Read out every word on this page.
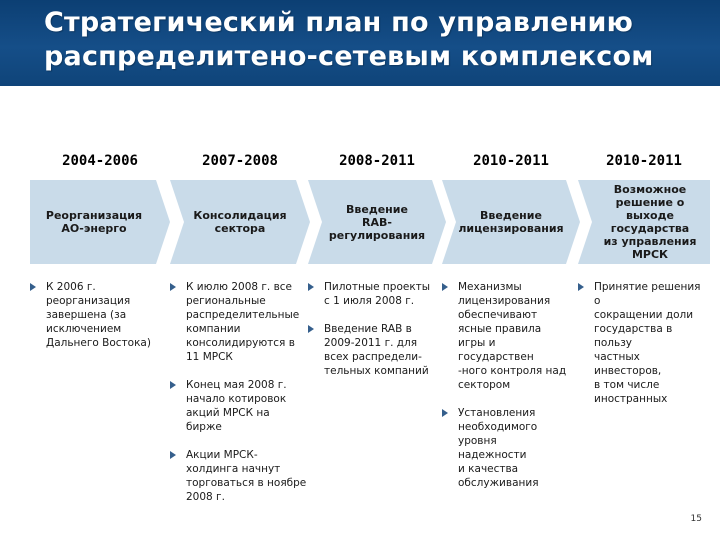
Стратегический план по управлению
распределитено-сетевым комплексом
2004-2006
Реорганизация
АО-энерго
К 2006 г.
реорганизация
завершена (за
исключением
Дальнего Востока)
2007-2008
Консолидация
сектора
К июлю 2008 г. все
региональные
распределительные
компании
консолидируются в
11 МРСК
Конец мая 2008 г.
начало котировок
акций МРСК на
бирже
Акции МРСК-
холдинга начнут
торговаться в ноябре
2008 г.
2008-2011
Введение
RAB-
регулирования
Пилотные проекты
с 1 июля 2008 г.
Введение RAB в
2009-2011 г. для
всех распредели-
тельных компаний
2010-2011
Введение
лицензирования
Механизмы
лицензирования
обеспечивают
ясные правила
игры и государствен
-ного контроля над
сектором
Установления
необходимого
уровня надежности
и качества
обслуживания
2010-2011
Возможное
решение о
выходе
государства
из управления
МРСК
Принятие решения о
сокращении доли
государства в пользу
частных инвесторов,
в том числе
иностранных
15
